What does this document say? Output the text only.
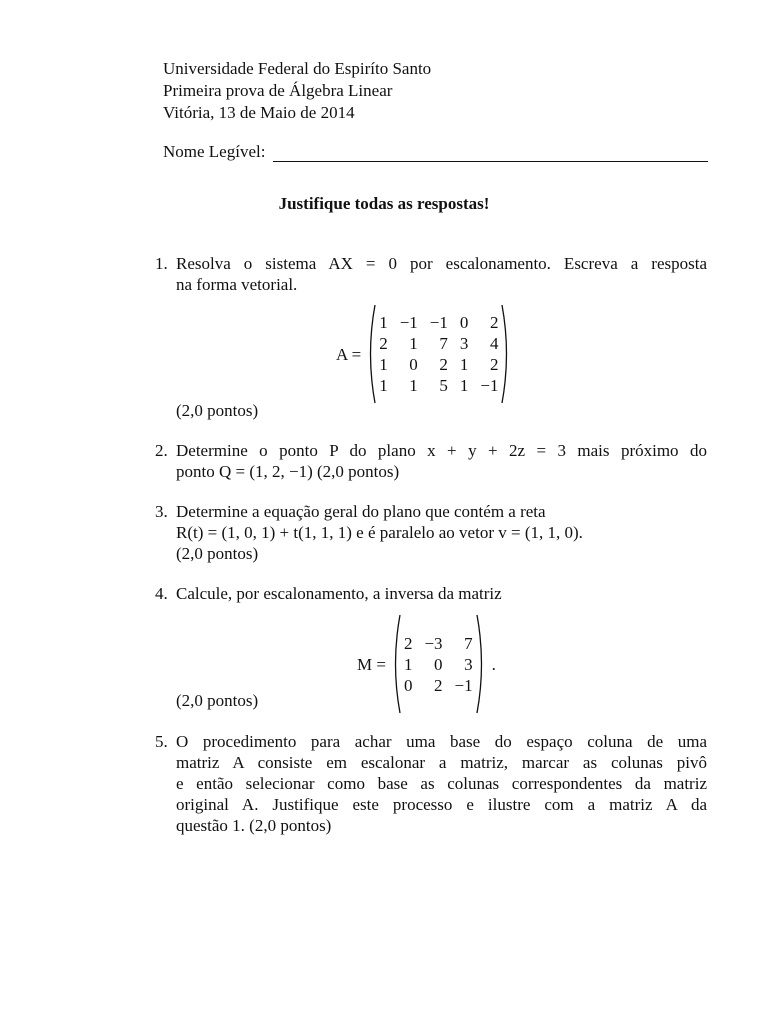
Universidade Federal do Espiríto Santo
Primeira prova de Álgebra Linear
Vitória, 13 de Maio de 2014
Nome Legível:
Justifique todas as respostas!
1. Resolva o sistema AX = 0 por escalonamento. Escreva a resposta
na forma vetorial.
A =
1	−1	−1	0	2
2	1	7	3	4
1	0	2	1	2
1	1	5	1	−1
(2,0 pontos)
2. Determine o ponto P do plano x + y + 2z = 3 mais próximo do
ponto Q = (1, 2, −1) (2,0 pontos)
3. Determine a equação geral do plano que contém a reta
R(t) = (1, 0, 1) + t(1, 1, 1) e é paralelo ao vetor v = (1, 1, 0).
(2,0 pontos)
4. Calcule, por escalonamento, a inversa da matriz
M =
2	−3	7
1	0	3
0	2	−1
.
(2,0 pontos)
5. O procedimento para achar uma base do espaço coluna de uma
matriz A consiste em escalonar a matriz, marcar as colunas pivô
e então selecionar como base as colunas correspondentes da matriz
original A. Justifique este processo e ilustre com a matriz A da
questão 1. (2,0 pontos)
